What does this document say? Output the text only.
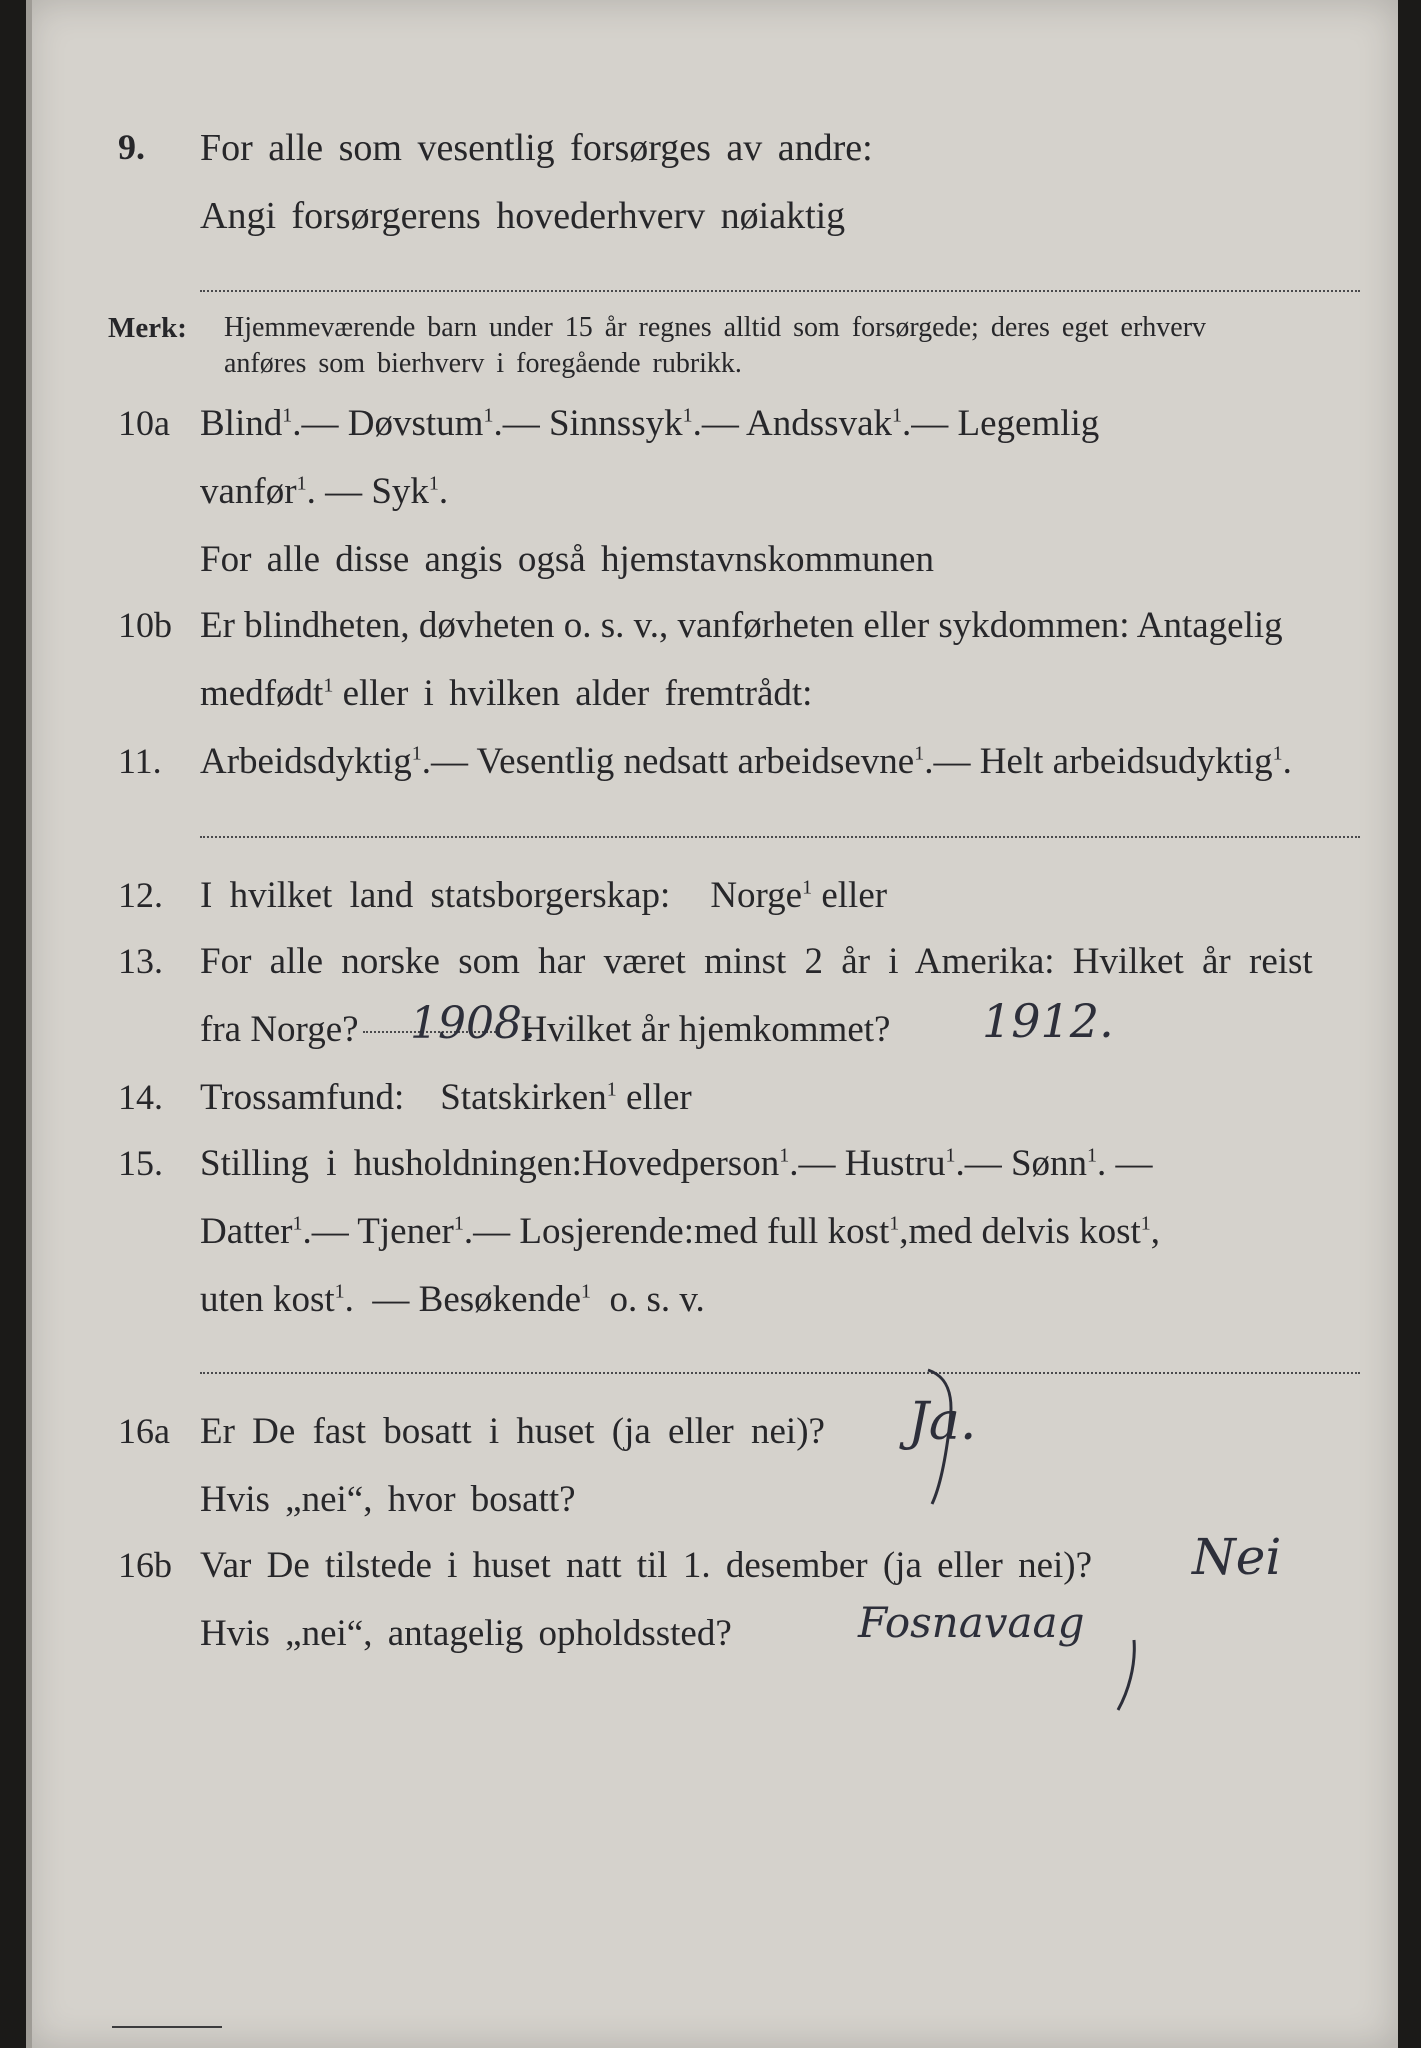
9. For alle som vesentlig forsørges av andre:
Angi forsørgerens hovederhverv nøiaktig
Merk: Hjemmeværende barn under 15 år regnes alltid som forsørgede; deres eget erhverv
anføres som bierhverv i foregående rubrikk.
10a Blind$^1$. — Døvstum$^1$. — Sinnssyk$^1$. — Andssvak$^1$. — Legemlig
vanfør$^1$. — Syk$^1$.
For alle disse angis også hjemstavnskommunen
10b Er blindheten, døvheten o. s. v., vanførheten eller sykdommen: Antagelig
medfødt$^1$ eller i hvilken alder fremtrådt:
11. Arbeidsdyktig$^1$. — Vesentlig nedsatt arbeidsevne$^1$. — Helt arbeidsudyktig$^1$.
12. I hvilket land statsborgerskap: Norge$^1$ eller
13. For alle norske som har været minst 2 år i Amerika: Hvilket år reist
fra Norge?	Hvilket år hjemkommet?
1908.	1912.
14. Trossamfund: Statskirken$^1$ eller
15. Stilling i husholdningen: Hovedperson$^1$. — Hustru$^1$. — Sønn$^1$. —
Datter$^1$. — Tjener$^1$. — Losjerende: med full kost$^1$, med delvis kost$^1$,
uten kost$^1$. — Besøkende$^1$ o. s. v.
16a Er De fast bosatt i huset (ja eller nei)?
Hvis „nei“, hvor bosatt?
Ja.
16b Var De tilstede i huset natt til 1. desember (ja eller nei)?
Hvis „nei“, antagelig opholdssted?
Nei
Fosnavaag
